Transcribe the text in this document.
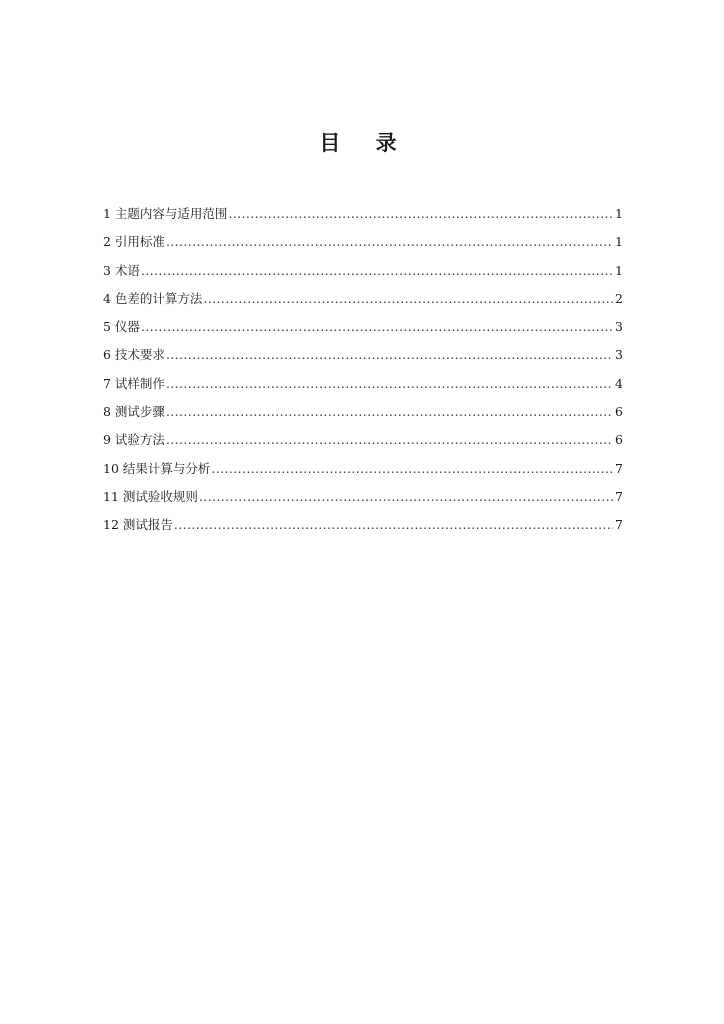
目 录
1 主题内容与适用范围 .....	1
2 引用标准 .....	1
3 术语 .....	1
4 色差的计算方法 .....	2
5 仪器 .....	3
6 技术要求 .....	3
7 试样制作 .....	4
8 测试步骤 .....	6
9 试验方法 .....	6
10 结果计算与分析 .....	7
11 测试验收规则 .....	7
12 测试报告 .....	7
